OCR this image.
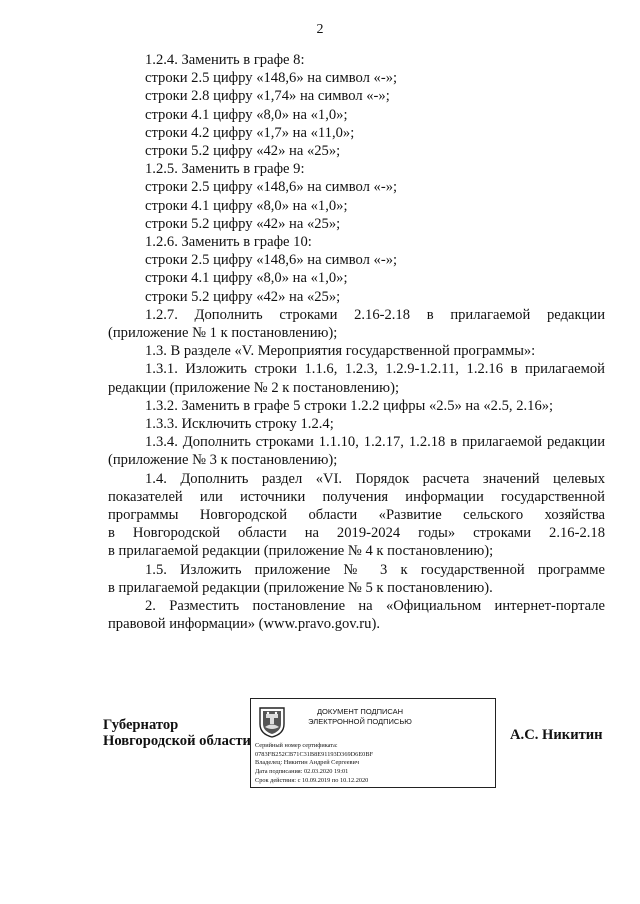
2

1.2.4. Заменить в графе 8:

строки 2.5 цифру «148,6» на символ «-»;

строки 2.8 цифру «1,74» на символ «-»;

строки 4.1 цифру «8,0» на «1,0»;

строки 4.2 цифру «1,7» на «11,0»;

строки 5.2 цифру «42» на «25»;

1.2.5. Заменить в графе 9:

строки 2.5 цифру «148,6» на символ «-»;

строки 4.1 цифру «8,0» на «1,0»;

строки 5.2 цифру «42» на «25»;

1.2.6. Заменить в графе 10:

строки 2.5 цифру «148,6» на символ «-»;

строки 4.1 цифру «8,0» на «1,0»;

строки 5.2 цифру «42» на «25»;

1.2.7. Дополнить строками 2.16-2.18 в прилагаемой редакции

(приложение № 1 к постановлению);

1.3. В разделе «V. Мероприятия государственной программы»:

1.3.1. Изложить строки 1.1.6, 1.2.3, 1.2.9-1.2.11, 1.2.16 в прилагаемой

редакции (приложение № 2 к постановлению);

1.3.2. Заменить в графе 5 строки 1.2.2 цифры «2.5» на «2.5, 2.16»;

1.3.3. Исключить строку 1.2.4;

1.3.4. Дополнить строками 1.1.10, 1.2.17, 1.2.18 в прилагаемой редакции

(приложение № 3 к постановлению);

1.4. Дополнить раздел «VI. Порядок расчета значений целевых

показателей или источники получения информации государственной

программы Новгородской области «Развитие сельского хозяйства

в Новгородской области на 2019-2024 годы» строками 2.16-2.18

в прилагаемой редакции (приложение № 4 к постановлению);

1.5. Изложить приложение № 3 к государственной программе

в прилагаемой редакции (приложение № 5 к постановлению).

2. Разместить постановление на «Официальном интернет-портале

правовой информации» (www.pravo.gov.ru).

Губернатор
Новгородской области
ДОКУМЕНТ ПОДПИСАН
ЭЛЕКТРОННОЙ ПОДПИСЬЮ
Серийный номер сертификата:
0783FB252CB71C31B8E91193D369D6E0BF
Владелец: Никитин Андрей Сергеевич
Дата подписания: 02.03.2020 19:01
Срок действия: с 10.09.2019 по 10.12.2020
А.С. Никитин
